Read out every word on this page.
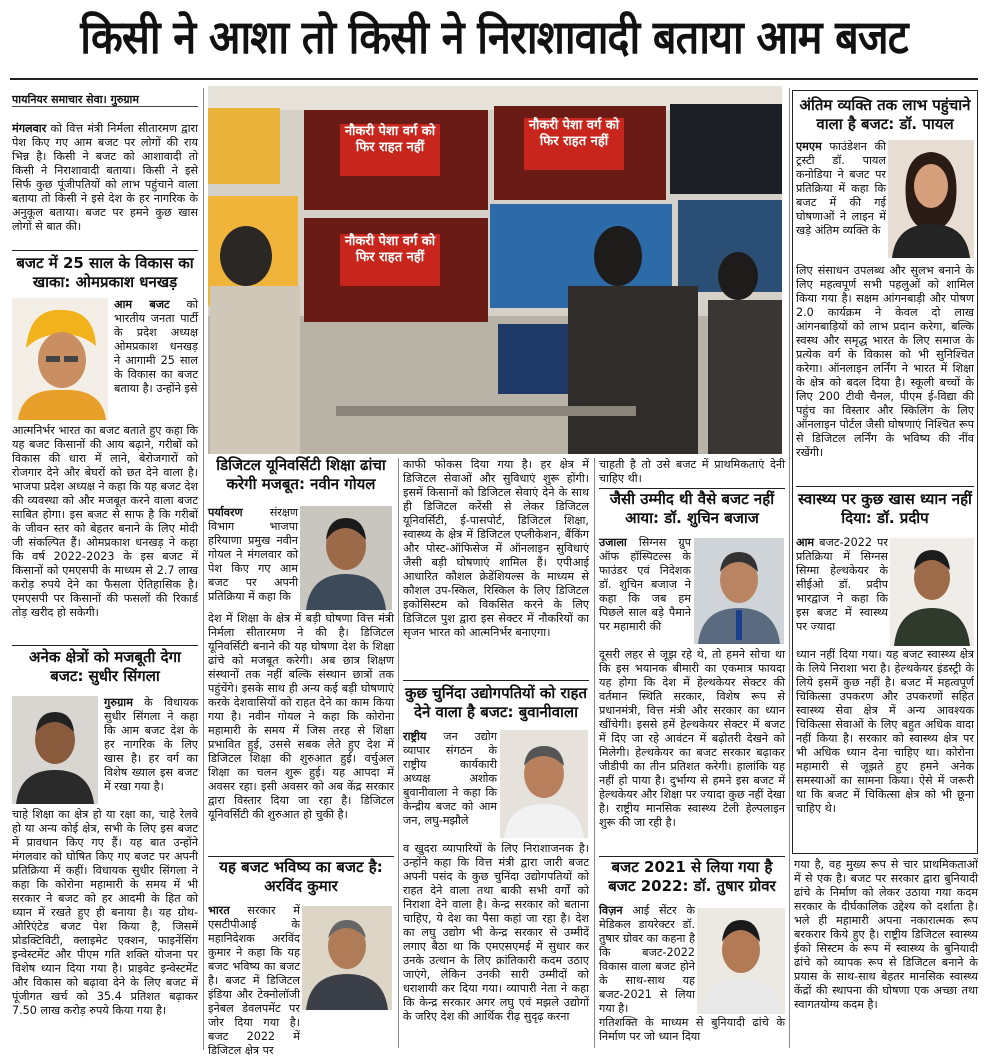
किसी ने आशा तो किसी ने निराशावादी बताया आम बजट
पायनियर समाचार सेवा। गुरुग्राम
मंगलवार को वित्त मंत्री निर्मला सीतारमण द्वारा पेश किए गए आम बजट पर लोगों की राय भिन्न है। किसी ने बजट को आशावादी तो किसी ने निराशावादी बताया। किसी ने इसे सिर्फ कुछ पूंजीपतियों को लाभ पहुंचाने वाला बताया तो किसी ने इसे देश के हर नागरिक के अनुकूल बताया। बजट पर हमने कुछ खास लोगों से बात की।
बजट में 25 साल के विकास का खाका: ओमप्रकाश धनखड़
आम बजट को भारतीय जनता पार्टी के प्रदेश अध्यक्ष ओमप्रकाश धनखड़ ने आगामी 25 साल के विकास का बजट बताया है। उन्होंने इसे
आत्मनिर्भर भारत का बजट बताते हुए कहा कि यह बजट किसानों की आय बढ़ाने, गरीबों को विकास की धारा में लाने, बेरोजगारों को रोजगार देने और बेघरों को छत देने वाला है। भाजपा प्रदेश अध्यक्ष ने कहा कि यह बजट देश की व्यवस्था को और मजबूत करने वाला बजट साबित होगा। इस बजट से साफ है कि गरीबों के जीवन स्तर को बेहतर बनाने के लिए मोदी जी संकल्पित हैं। ओमप्रकाश धनखड़ ने कहा कि वर्ष 2022-2023 के इस बजट में किसानों को एमएसपी के माध्यम से 2.7 लाख करोड़ रुपये देने का फैसला ऐतिहासिक है। एमएसपी पर किसानों की फसलों की रिकार्ड तोड़ खरीद हो सकेगी।
अनेक क्षेत्रों को मजबूती देगा बजट: सुधीर सिंगला
गुरुग्राम के विधायक सुधीर सिंगला ने कहा कि आम बजट देश के हर नागरिक के लिए खास है। हर वर्ग का विशेष ख्याल इस बजट में रखा गया है।
चाहे शिक्षा का क्षेत्र हो या रक्षा का, चाहे रेलवे हो या अन्य कोई क्षेत्र, सभी के लिए इस बजट में प्रावधान किए गए हैं। यह बात उन्होंने मंगलवार को घोषित किए गए बजट पर अपनी प्रतिक्रिया में कहीं। विधायक सुधीर सिंगला ने कहा कि कोरोना महामारी के समय में भी सरकार ने बजट को हर आदमी के हित को ध्यान में रखते हुए ही बनाया है। यह ग्रोथ-ओरिएंटेड बजट पेश किया है, जिसमें प्रोडक्टिविटी, क्लाइमेट एक्शन, फाइनेंसिंग इन्वेस्टमेंट और पीएम गति शक्ति योजना पर विशेष ध्यान दिया गया है। प्राइवेट इन्वेस्टमेंट और विकास को बढ़ावा देने के लिए बजट में पूंजीगत खर्च को 35.4 प्रतिशत बढ़ाकर 7.50 लाख करोड़ रुपये किया गया है।
नौकरी पेशा वर्ग को फिर राहत नहीं
नौकरी पेशा वर्ग को फिर राहत नहीं
नौकरी पेशा वर्ग को फिर राहत नहीं
डिजिटल यूनिवर्सिटी शिक्षा ढांचा करेगी मजबूत: नवीन गोयल
पर्यावरण संरक्षण विभाग भाजपा हरियाणा प्रमुख नवीन गोयल ने मंगलवार को पेश किए गए आम बजट पर अपनी प्रतिक्रिया में कहा कि
देश में शिक्षा के क्षेत्र में बड़ी घोषणा वित्त मंत्री निर्मला सीतारमण ने की है। डिजिटल यूनिवर्सिटी बनाने की यह घोषणा देश के शिक्षा ढांचे को मजबूत करेगी। अब छात्र शिक्षण संस्थानों तक नहीं बल्कि संस्थान छात्रों तक पहुंचेंगे। इसके साथ ही अन्य कई बड़ी घोषणाएं करके देशवासियों को राहत देने का काम किया गया है। नवीन गोयल ने कहा कि कोरोना महामारी के समय में जिस तरह से शिक्षा प्रभावित हुई, उससे सबक लेते हुए देश में डिजिटल शिक्षा की शुरुआत हुई। वर्चुअल शिक्षा का चलन शुरू हुई। यह आपदा में अवसर रहा। इसी अवसर को अब केंद्र सरकार द्वारा विस्तार दिया जा रहा है। डिजिटल यूनिवर्सिटी की शुरुआत हो चुकी है।
यह बजट भविष्य का बजट है: अरविंद कुमार
भारत सरकार में एसटीपीआई के महानिदेशक अरविंद कुमार ने कहा कि यह बजट भविष्य का बजट है। बजट में डिजिटल इंडिया और टेक्नोलॉजी इनेबल डेवलपमेंट पर जोर दिया गया है। बजट 2022 में डिजिटल क्षेत्र पर
काफी फोकस दिया गया है। हर क्षेत्र में डिजिटल सेवाओं और सुविधाएं शुरू होंगी। इसमें किसानों को डिजिटल सेवाएं देने के साथ ही डिजिटल करेंसी से लेकर डिजिटल यूनिवर्सिटी, ई-पासपोर्ट, डिजिटल शिक्षा, स्वास्थ्य के क्षेत्र में डिजिटल एप्लीकेशन, बैंकिंग और पोस्ट-ऑफिसेज में ऑनलाइन सुविधाएं जैसी बड़ी घोषणाएं शामिल हैं। एपीआई आधारित कौशल क्रेडेंशियल्स के माध्यम से कौशल उप-स्किल, रिस्किल के लिए डिजिटल इकोसिस्टम को विकसित करने के लिए डिजिटल पुश द्वारा इस सेक्टर में नौकरियों का सृजन भारत को आत्मनिर्भर बनाएगा।
कुछ चुनिंदा उद्योगपतियों को राहत देने वाला है बजट: बुवानीवाला
राष्ट्रीय जन उद्योग व्यापार संगठन के राष्ट्रीय कार्यकारी अध्यक्ष अशोक बुवानीवाला ने कहा कि केन्द्रीय बजट को आम जन, लघु-मझौले
व खुदरा व्यापारियों के लिए निराशाजनक है। उन्होंने कहा कि वित्त मंत्री द्वारा जारी बजट अपनी पसंद के कुछ चुनिंदा उद्योगपतियों को राहत देने वाला तथा बाकी सभी वर्गों को निराशा देने वाला है। केन्द्र सरकार को बताना चाहिए, ये देश का पैसा कहां जा रहा है। देश का लघु उद्योग भी केन्द्र सरकार से उम्मीदें लगाए बैठा था कि एमएसएमई में सुधार कर उनके उत्थान के लिए क्रांतिकारी कदम उठाए जाएंगे, लेकिन उनकी सारी उम्मीदों को धराशायी कर दिया गया। व्यापारी नेता ने कहा कि केन्द्र सरकार अगर लघु एवं मझले उद्योगों के जरिए देश की आर्थिक रीढ़ सुदृढ़ करना
चाहती है तो उसे बजट में प्राथमिकताएं देनी चाहिए थी।
जैसी उम्मीद थी वैसे बजट नहीं आया: डॉ. शुचिन बजाज
उजाला सिग्नस ग्रुप ऑफ हॉस्पिटल्स के फाउंडर एवं निदेशक डॉ. शुचिन बजाज ने कहा कि जब हम पिछले साल बड़े पैमाने पर महामारी की
दूसरी लहर से जूझ रहे थे, तो हमने सोचा था कि इस भयानक बीमारी का एकमात्र फायदा यह होगा कि देश में हेल्थकेयर सेक्टर की वर्तमान स्थिति सरकार, विशेष रूप से प्रधानमंत्री, वित्त मंत्री और सरकार का ध्यान खींचेगी। इससे हमें हेल्थकेयर सेक्टर में बजट में दिए जा रहे आवंटन में बढ़ोतरी देखने को मिलेगी। हेल्थकेयर का बजट सरकार बढ़ाकर जीडीपी का तीन प्रतिशत करेगी। हालांकि यह नहीं हो पाया है। दुर्भाग्य से हमने इस बजट में हेल्थकेयर और शिक्षा पर ज्यादा कुछ नहीं देखा है। राष्ट्रीय मानसिक स्वास्थ्य टेली हेल्पलाइन शुरू की जा रही है।
बजट 2021 से लिया गया है बजट 2022: डॉ. तुषार ग्रोवर
विज़न आई सेंटर के मेडिकल डायरेक्टर डॉ. तुषार ग्रोवर का कहना है कि बजट-2022 विकास वाला बजट होने के साथ-साथ यह बजट-2021 से लिया गया है।
गतिशक्ति के माध्यम से बुनियादी ढांचे के निर्माण पर जो ध्यान दिया
अंतिम व्यक्ति तक लाभ पहुंचाने वाला है बजट: डॉ. पायल
एमएम फाउंडेशन की ट्रस्टी डॉ. पायल कनोडिया ने बजट पर प्रतिक्रिया में कहा कि बजट में की गई घोषणाओं ने लाइन में खड़े अंतिम व्यक्ति के
लिए संसाधन उपलब्ध और सुलभ बनाने के लिए महत्वपूर्ण सभी पहलुओं को शामिल किया गया है। सक्षम आंगनबाड़ी और पोषण 2.0 कार्यक्रम ने केवल दो लाख आंगनबाड़ियों को लाभ प्रदान करेगा, बल्कि स्वस्थ और समृद्ध भारत के लिए समाज के प्रत्येक वर्ग के विकास को भी सुनिश्चित करेगा। ऑनलाइन लर्निंग ने भारत में शिक्षा के क्षेत्र को बदल दिया है। स्कूली बच्चों के लिए 200 टीवी चैनल, पीएम ई-विद्या की पहुंच का विस्तार और स्किलिंग के लिए ऑनलाइन पोर्टल जैसी घोषणाएं निश्चित रूप से डिजिटल लर्निंग के भविष्य की नींव रखेंगी।
स्वास्थ्य पर कुछ खास ध्यान नहीं दिया: डॉ. प्रदीप
आम बजट-2022 पर प्रतिक्रिया में सिग्नस सिग्मा हेल्थकेयर के सीईओ डॉ. प्रदीप भारद्वाज ने कहा कि इस बजट में स्वास्थ्य पर ज्यादा
ध्यान नहीं दिया गया। यह बजट स्वास्थ्य क्षेत्र के लिये निराशा भरा है। हेल्थकेयर इंडस्ट्री के लिये इसमें कुछ नहीं है। बजट में महत्वपूर्ण चिकित्सा उपकरण और उपकरणों सहित स्वास्थ्य सेवा क्षेत्र में अन्य आवश्यक चिकित्सा सेवाओं के लिए बहुत अधिक वादा नहीं किया है। सरकार को स्वास्थ्य क्षेत्र पर भी अधिक ध्यान देना चाहिए था। कोरोना महामारी से जूझते हुए हमने अनेक समस्याओं का सामना किया। ऐसे में जरूरी था कि बजट में चिकित्सा क्षेत्र को भी छूना चाहिए थे।
गया है, वह मुख्य रूप से चार प्राथमिकताओं में से एक है। बजट पर सरकार द्वारा बुनियादी ढांचे के निर्माण को लेकर उठाया गया कदम सरकार के दीर्घकालिक उद्देश्य को दर्शाता है। भले ही महामारी अपना नकारात्मक रूप बरकरार किये हुए है। राष्ट्रीय डिजिटल स्वास्थ्य ईको सिस्टम के रूप में स्वास्थ्य के बुनियादी ढांचे को व्यापक रूप से डिजिटल बनाने के प्रयास के साथ-साथ बेहतर मानसिक स्वास्थ्य केंद्रों की स्थापना की घोषणा एक अच्छा तथा स्वागतयोग्य कदम है।
